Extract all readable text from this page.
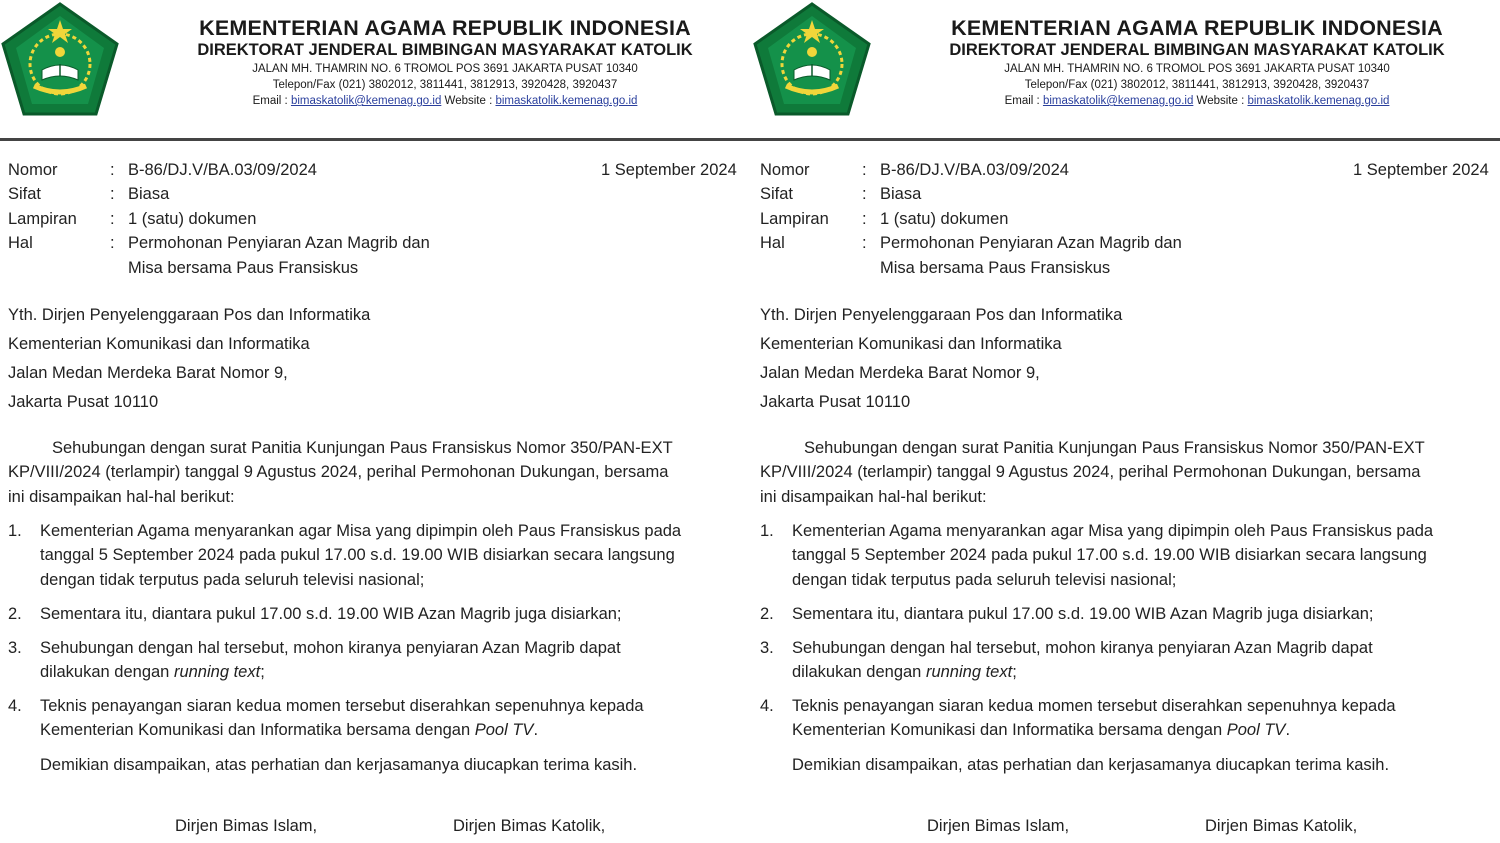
KEMENTERIAN AGAMA REPUBLIK INDONESIA
DIREKTORAT JENDERAL BIMBINGAN MASYARAKAT KATOLIK
JALAN MH. THAMRIN NO. 6 TROMOL POS 3691 JAKARTA PUSAT 10340
Telepon/Fax (021) 3802012, 3811441, 3812913, 3920428, 3920437
Email : bimaskatolik@kemenag.go.id Website : bimaskatolik.kemenag.go.id
1 September 2024
Nomor	: B-86/DJ.V/BA.03/09/2024
Sifat	: Biasa
Lampiran : 1 (satu) dokumen
Hal	: Permohonan Penyiaran Azan Magrib dan
Misa bersama Paus Fransiskus
Yth. Dirjen Penyelenggaraan Pos dan Informatika
Kementerian Komunikasi dan Informatika
Jalan Medan Merdeka Barat Nomor 9,
Jakarta Pusat 10110
Sehubungan dengan surat Panitia Kunjungan Paus Fransiskus Nomor 350/PAN-EXT
KP/VIII/2024 (terlampir) tanggal 9 Agustus 2024, perihal Permohonan Dukungan, bersama
ini disampaikan hal-hal berikut:
1. Kementerian Agama menyarankan agar Misa yang dipimpin oleh Paus Fransiskus pada
tanggal 5 September 2024 pada pukul 17.00 s.d. 19.00 WIB disiarkan secara langsung
dengan tidak terputus pada seluruh televisi nasional;
2. Sementara itu, diantara pukul 17.00 s.d. 19.00 WIB Azan Magrib juga disiarkan;
3. Sehubungan dengan hal tersebut, mohon kiranya penyiaran Azan Magrib dapat
dilakukan dengan running text;
4. Teknis penayangan siaran kedua momen tersebut diserahkan sepenuhnya kepada
Kementerian Komunikasi dan Informatika bersama dengan Pool TV.
Demikian disampaikan, atas perhatian dan kerjasamanya diucapkan terima kasih.
Dirjen Bimas Islam,	Dirjen Bimas Katolik,
KEMENTERIAN AGAMA REPUBLIK INDONESIA
DIREKTORAT JENDERAL BIMBINGAN MASYARAKAT KATOLIK
JALAN MH. THAMRIN NO. 6 TROMOL POS 3691 JAKARTA PUSAT 10340
Telepon/Fax (021) 3802012, 3811441, 3812913, 3920428, 3920437
Email : bimaskatolik@kemenag.go.id Website : bimaskatolik.kemenag.go.id
1 September 2024
Nomor	: B-86/DJ.V/BA.03/09/2024
Sifat	: Biasa
Lampiran : 1 (satu) dokumen
Hal	: Permohonan Penyiaran Azan Magrib dan
Misa bersama Paus Fransiskus
Yth. Dirjen Penyelenggaraan Pos dan Informatika
Kementerian Komunikasi dan Informatika
Jalan Medan Merdeka Barat Nomor 9,
Jakarta Pusat 10110
Sehubungan dengan surat Panitia Kunjungan Paus Fransiskus Nomor 350/PAN-EXT
KP/VIII/2024 (terlampir) tanggal 9 Agustus 2024, perihal Permohonan Dukungan, bersama
ini disampaikan hal-hal berikut:
1. Kementerian Agama menyarankan agar Misa yang dipimpin oleh Paus Fransiskus pada
tanggal 5 September 2024 pada pukul 17.00 s.d. 19.00 WIB disiarkan secara langsung
dengan tidak terputus pada seluruh televisi nasional;
2. Sementara itu, diantara pukul 17.00 s.d. 19.00 WIB Azan Magrib juga disiarkan;
3. Sehubungan dengan hal tersebut, mohon kiranya penyiaran Azan Magrib dapat
dilakukan dengan running text;
4. Teknis penayangan siaran kedua momen tersebut diserahkan sepenuhnya kepada
Kementerian Komunikasi dan Informatika bersama dengan Pool TV.
Demikian disampaikan, atas perhatian dan kerjasamanya diucapkan terima kasih.
Dirjen Bimas Islam,	Dirjen Bimas Katolik,
